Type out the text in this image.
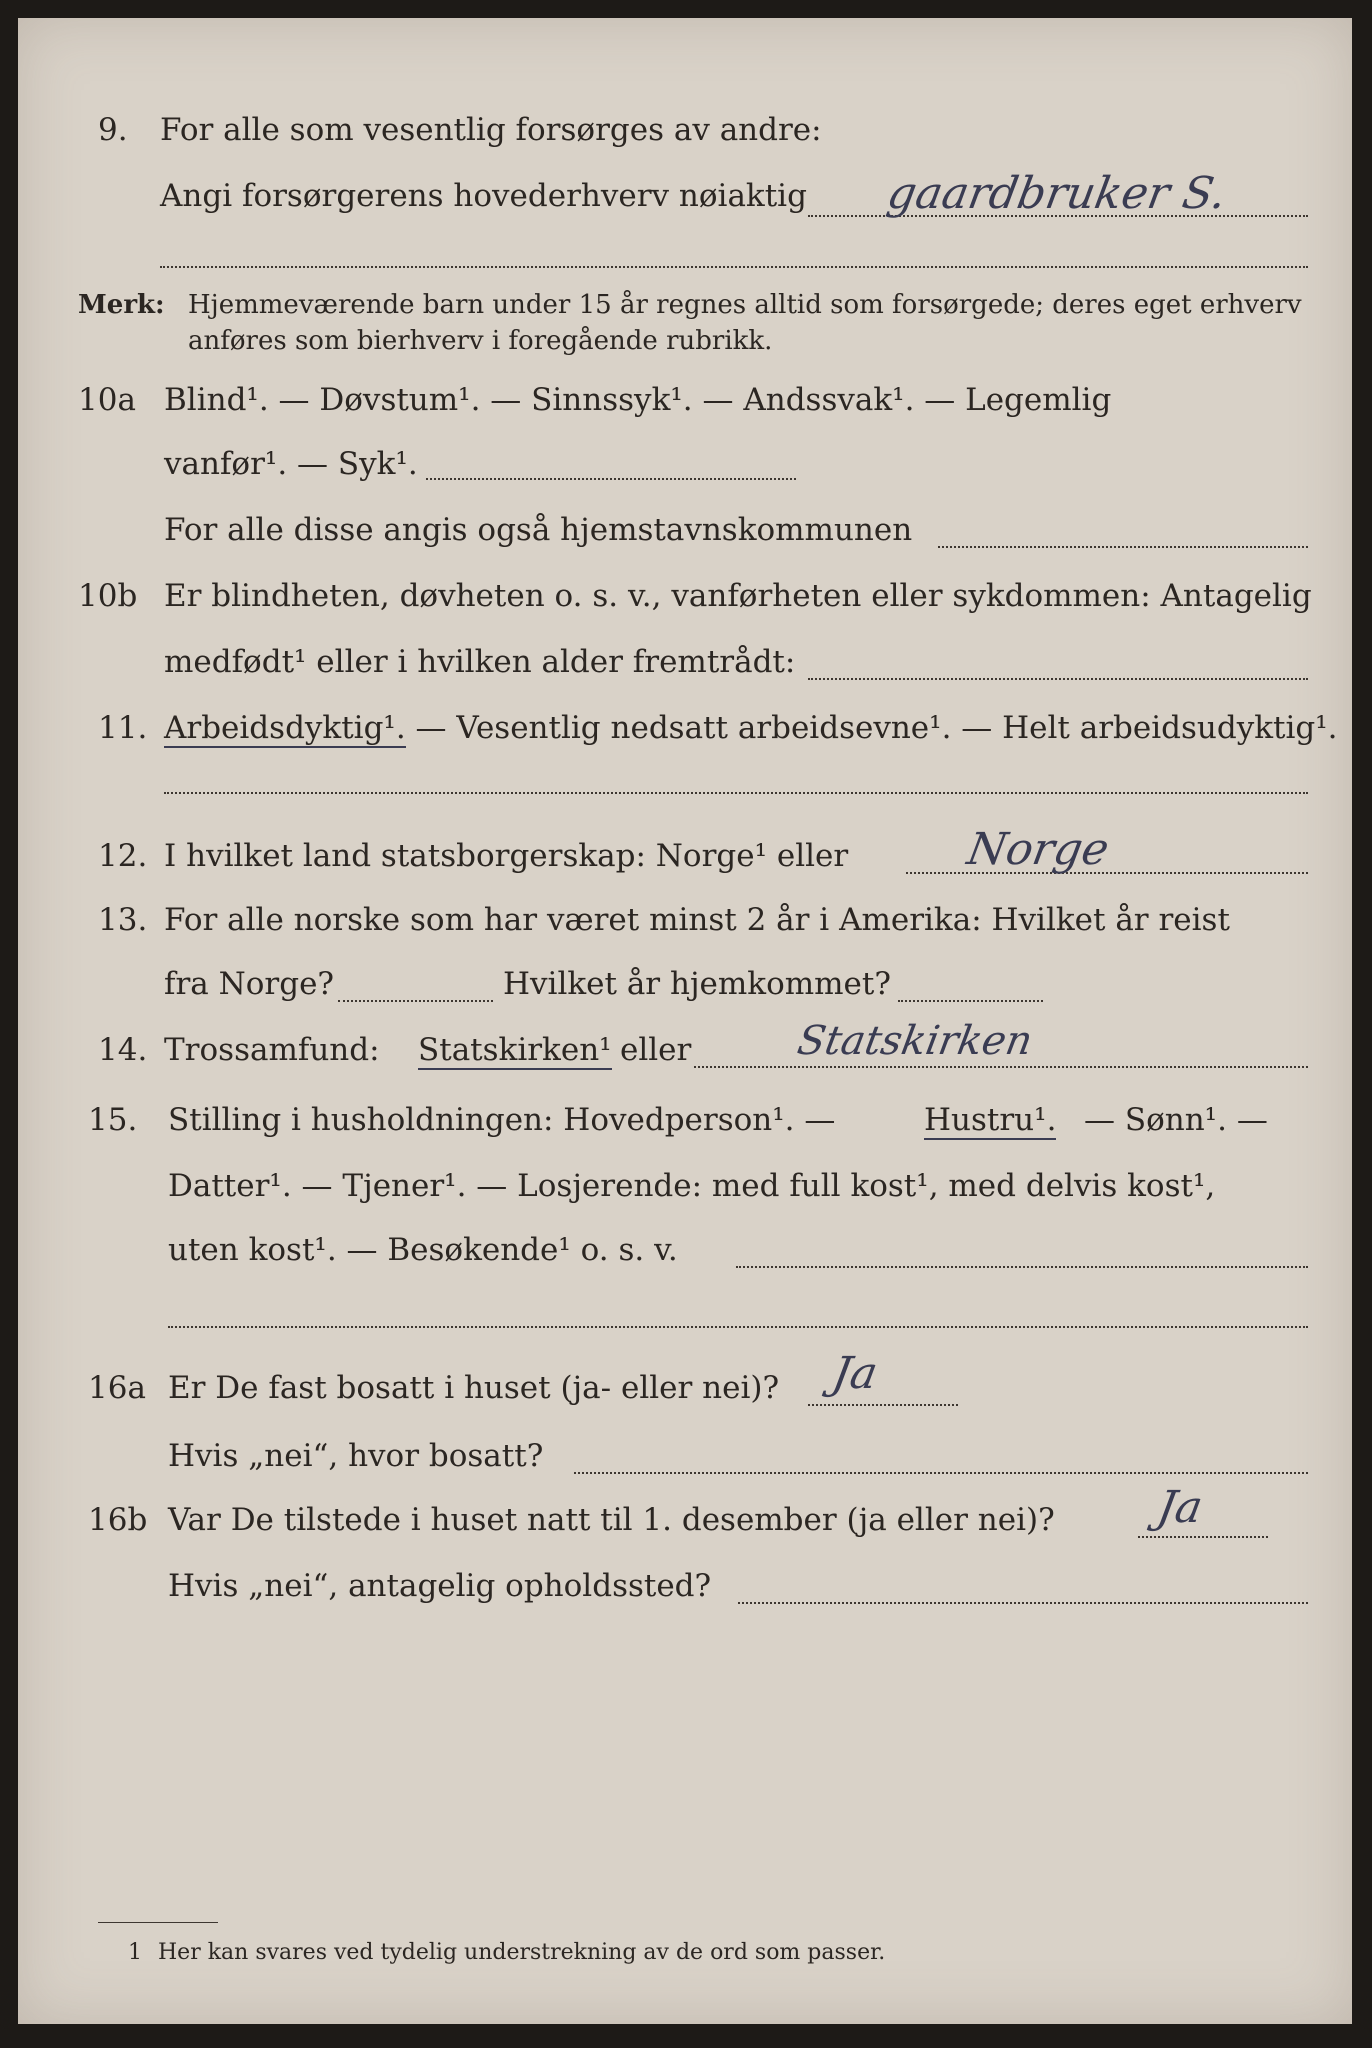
9. For alle som vesentlig forsørges av andre:
Angi forsørgerens hovederhverv nøiaktig gaardbruker S.
Merk: Hjemmeværende barn under 15 år regnes alltid som forsørgede; deres eget erhverv
anføres som bierhverv i foregående rubrikk.
10a Blind¹. — Døvstum¹. — Sinnssyk¹. — Andssvak¹. — Legemlig
vanfør¹. — Syk¹.
For alle disse angis også hjemstavnskommunen
10b Er blindheten, døvheten o. s. v., vanførheten eller sykdommen: Antagelig
medfødt¹ eller i hvilken alder fremtrådt:
11. Arbeidsdyktig¹. — Vesentlig nedsatt arbeidsevne¹. — Helt arbeidsudyktig¹.
12. I hvilket land statsborgerskap: Norge¹ eller	Norge
13. For alle norske som har været minst 2 år i Amerika: Hvilket år reist
fra Norge?	Hvilket år hjemkommet?
14. Trossamfund: Statskirken¹ eller	Statskirken
15. Stilling i husholdningen: Hovedperson¹. —	Hustru¹. — Sønn¹. —
Datter¹. — Tjener¹. — Losjerende: med full kost¹, med delvis kost¹,
uten kost¹. — Besøkende¹ o. s. v.
16a Er De fast bosatt i huset (ja- eller nei)? Ja
Hvis „nei“, hvor bosatt?
16b Var De tilstede i huset natt til 1. desember (ja eller nei)? Ja
Hvis „nei“, antagelig opholdssted?
1 Her kan svares ved tydelig understrekning av de ord som passer.
